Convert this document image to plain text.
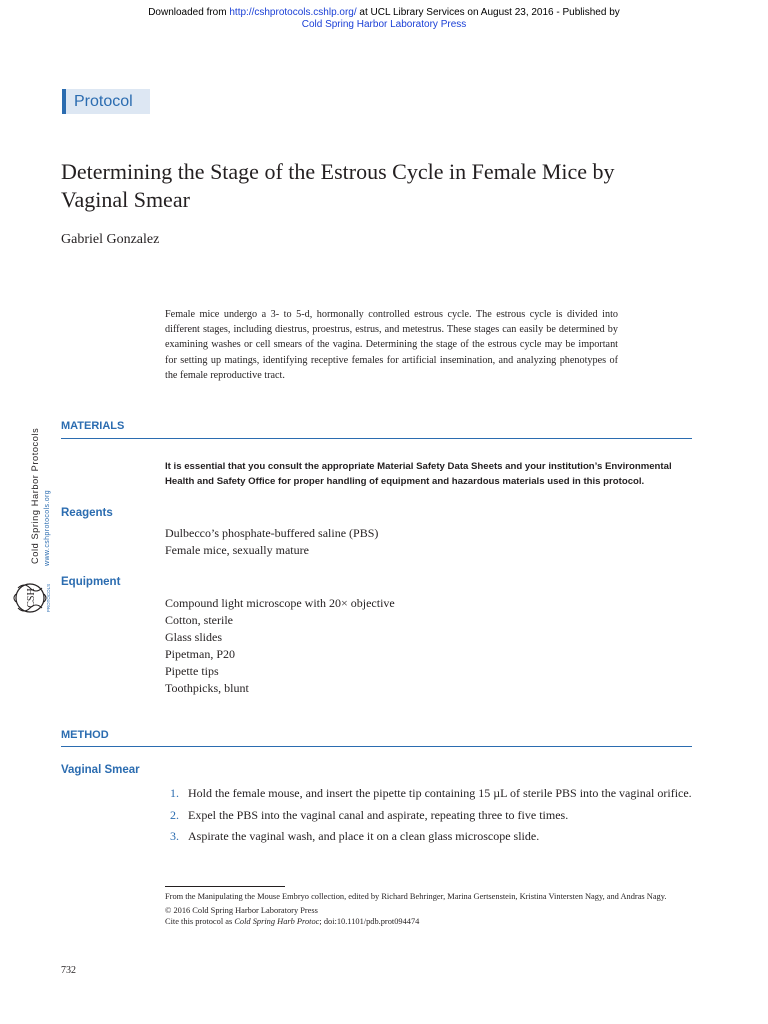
Downloaded from http://cshprotocols.cshlp.org/ at UCL Library Services on August 23, 2016 - Published by
Cold Spring Harbor Laboratory Press
Cold Spring Harbor Protocols www.cshprotocols.org
CSH PROTOCOLS
Protocol
Determining the Stage of the Estrous Cycle in Female Mice by Vaginal Smear
Gabriel Gonzalez
Female mice undergo a 3- to 5-d, hormonally controlled estrous cycle. The estrous cycle is divided into different stages, including diestrus, proestrus, estrus, and metestrus. These stages can easily be determined by examining washes or cell smears of the vagina. Determining the stage of the estrous cycle may be important for setting up matings, identifying receptive females for artificial insemination, and analyzing phenotypes of the female reproductive tract.
MATERIALS
It is essential that you consult the appropriate Material Safety Data Sheets and your institution’s Environmental Health and Safety Office for proper handling of equipment and hazardous materials used in this protocol.
Reagents
Dulbecco’s phosphate-buffered saline (PBS)
Female mice, sexually mature
Equipment
Compound light microscope with 20× objective
Cotton, sterile
Glass slides
Pipetman, P20
Pipette tips
Toothpicks, blunt
METHOD
Vaginal Smear
1. Hold the female mouse, and insert the pipette tip containing 15 µL of sterile PBS into the vaginal orifice.
2. Expel the PBS into the vaginal canal and aspirate, repeating three to five times.
3. Aspirate the vaginal wash, and place it on a clean glass microscope slide.
From the Manipulating the Mouse Embryo collection, edited by Richard Behringer, Marina Gertsenstein, Kristina Vintersten Nagy, and Andras Nagy.
© 2016 Cold Spring Harbor Laboratory Press
Cite this protocol as Cold Spring Harb Protoc; doi:10.1101/pdb.prot094474
732
